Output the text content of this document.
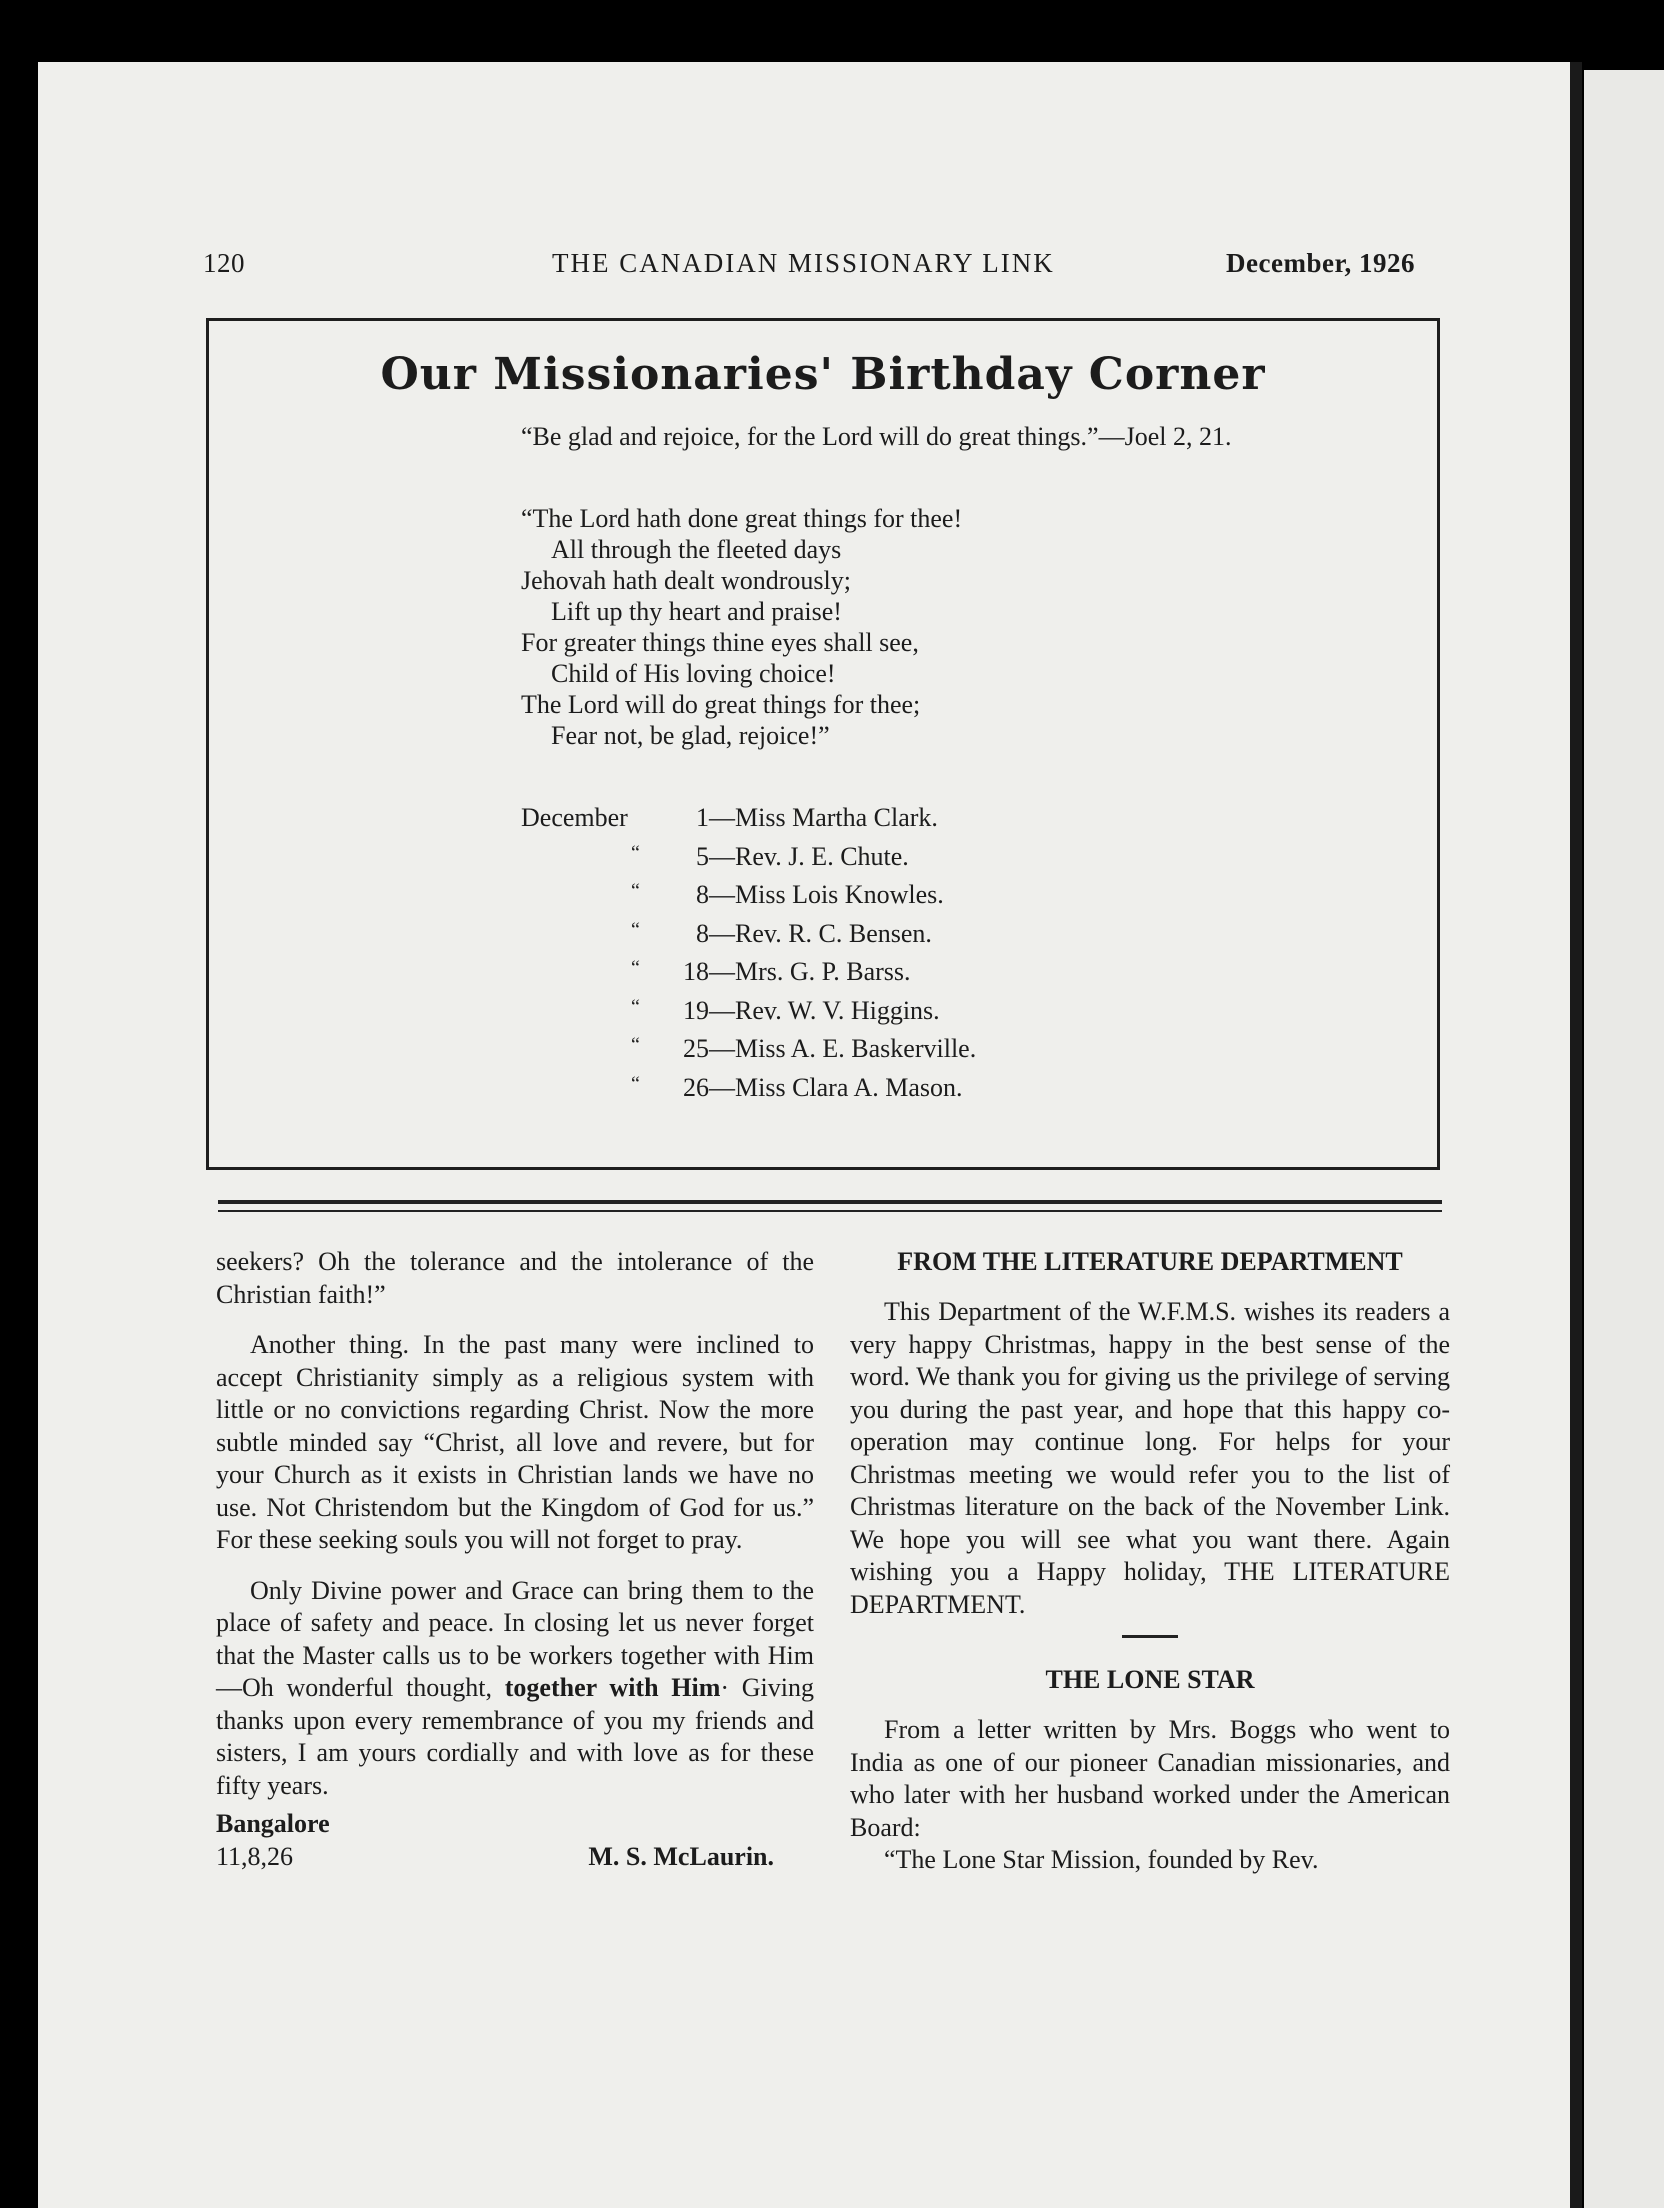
120	THE CANADIAN MISSIONARY LINK	December, 1926
Our Missionaries' Birthday Corner

“Be glad and rejoice, for the Lord will do great things.”—Joel 2, 21.

“The Lord hath done great things for thee!
All through the fleeted days
Jehovah hath dealt wondrously;
Lift up thy heart and praise!
For greater things thine eyes shall see,
Child of His loving choice!
The Lord will do great things for thee;
Fear not, be glad, rejoice!”
December	1—Miss Martha Clark.
“ 5—Rev. J. E. Chute.
“ 8—Miss Lois Knowles.
“ 8—Rev. R. C. Bensen.
“ 18—Mrs. G. P. Barss.
“ 19—Rev. W. V. Higgins.
“ 25—Miss A. E. Baskerville.
“ 26—Miss Clara A. Mason.

seekers? Oh the tolerance and the intolerance of the Christian faith!”

Another thing. In the past many were inclined to accept Christianity simply as a religious system with little or no convictions regarding Christ. Now the more subtle minded say “Christ, all love and revere, but for your Church as it exists in Christian lands we have no use. Not Christendom but the Kingdom of God for us.” For these seeking souls you will not forget to pray.

Only Divine power and Grace can bring them to the place of safety and peace. In closing let us never forget that the Master calls us to be workers together with Him—Oh wonderful thought, together with Him· Giving thanks upon every remembrance of you my friends and sisters, I am yours cordially and with love as for these fifty years.

Bangalore

11,8,26	M. S. McLaurin.
FROM THE LITERATURE DEPARTMENT

This Department of the W.F.M.S. wishes its readers a very happy Christmas, happy in the best sense of the word. We thank you for giving us the privilege of serving you during the past year, and hope that this happy co-operation may continue long. For helps for your Christmas meeting we would refer you to the list of Christmas literature on the back of the November Link. We hope you will see what you want there. Again wishing you a Happy holiday, THE LITERATURE DEPARTMENT.

THE LONE STAR

From a letter written by Mrs. Boggs who went to India as one of our pioneer Canadian missionaries, and who later with her husband worked under the American Board:

“The Lone Star Mission, founded by Rev.
